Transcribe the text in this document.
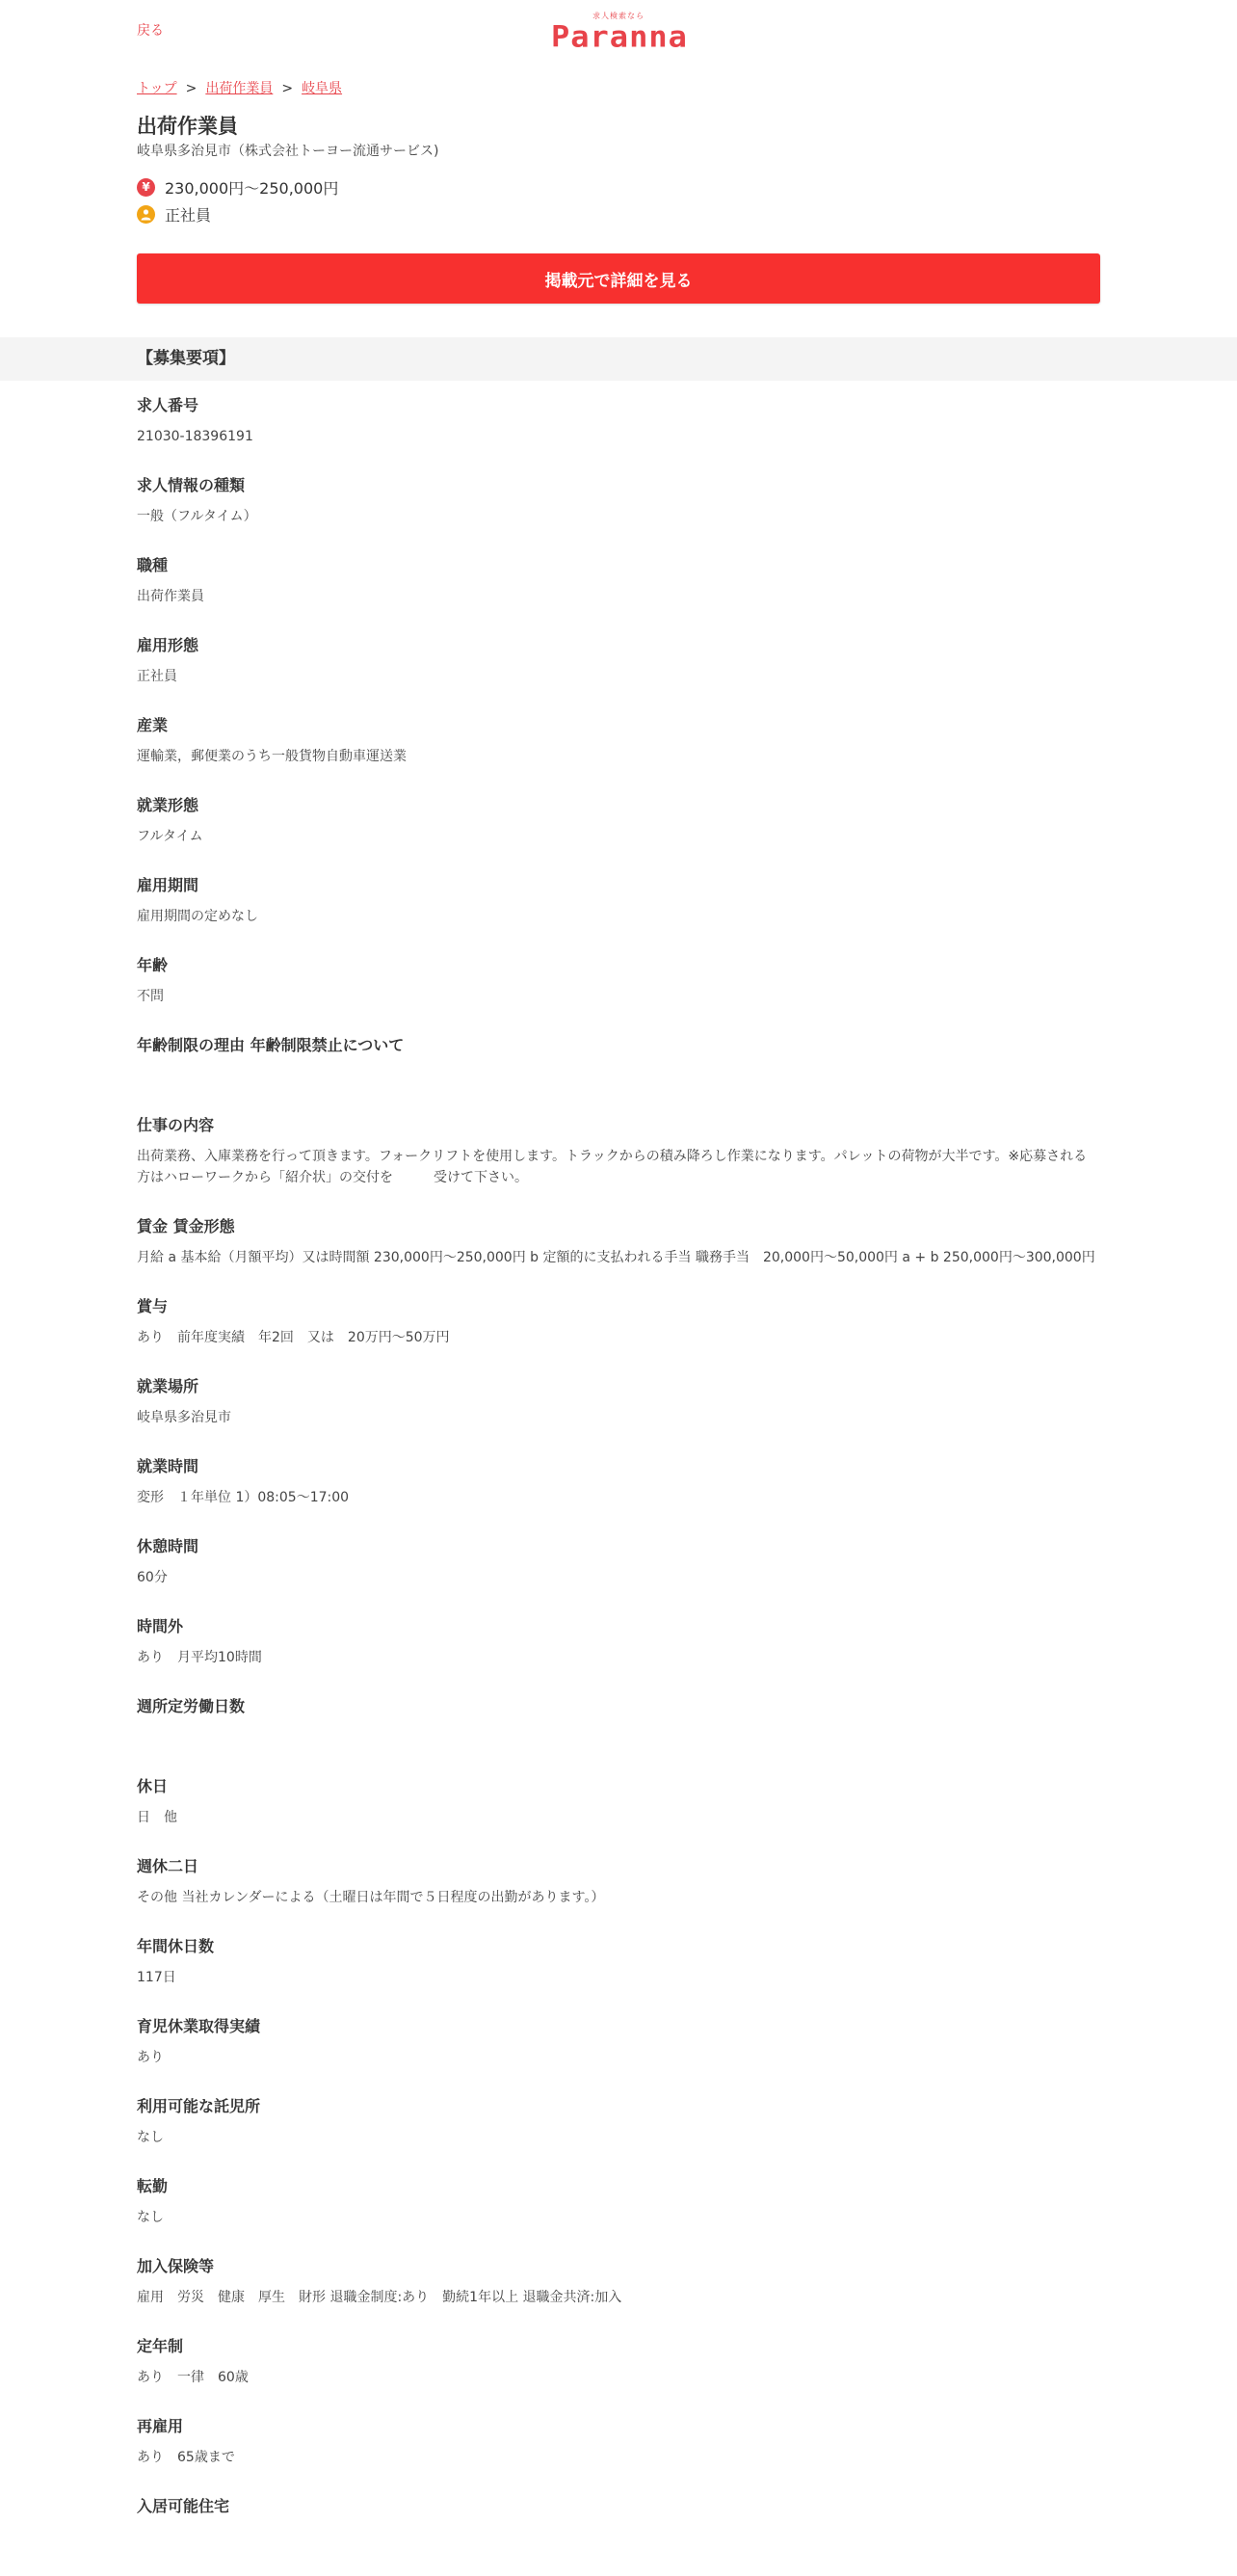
戻る
求人検索なら
Paranna
トップ > 出荷作業員 > 岐阜県
出荷作業員
岐阜県多治見市（株式会社トーヨー流通サービス)
¥ 230,000円～250,000円
正社員
掲載元で詳細を見る
【募集要項】
求人番号
21030-18396191
求人情報の種類
一般（フルタイム）
職種
出荷作業員
雇用形態
正社員
産業
運輸業，郵便業のうち一般貨物自動車運送業
就業形態
フルタイム
雇用期間
雇用期間の定めなし
年齢
不問
年齢制限の理由 年齢制限禁止について
仕事の内容
出荷業務、入庫業務を行って頂きます。フォークリフトを使用します。トラックからの積み降ろし作業になります。パレットの荷物が大半です。※応募される方はハローワークから「紹介状」の交付を　　　受けて下さい。
賃金 賃金形態
月給 a 基本給（月額平均）又は時間額 230,000円～250,000円 b 定額的に支払われる手当 職務手当　20,000円～50,000円 a + b 250,000円～300,000円
賞与
あり　前年度実績　年2回　又は　20万円～50万円
就業場所
岐阜県多治見市
就業時間
変形　１年単位 1）08:05～17:00
休憩時間
60分
時間外
あり　月平均10時間
週所定労働日数
休日
日　他
週休二日
その他 当社カレンダーによる（土曜日は年間で５日程度の出勤があります。）
年間休日数
117日
育児休業取得実績
あり
利用可能な託児所
なし
転勤
なし
加入保険等
雇用　労災　健康　厚生　財形 退職金制度:あり　勤続1年以上 退職金共済:加入
定年制
あり　一律　60歳
再雇用
あり　65歳まで
入居可能住宅
